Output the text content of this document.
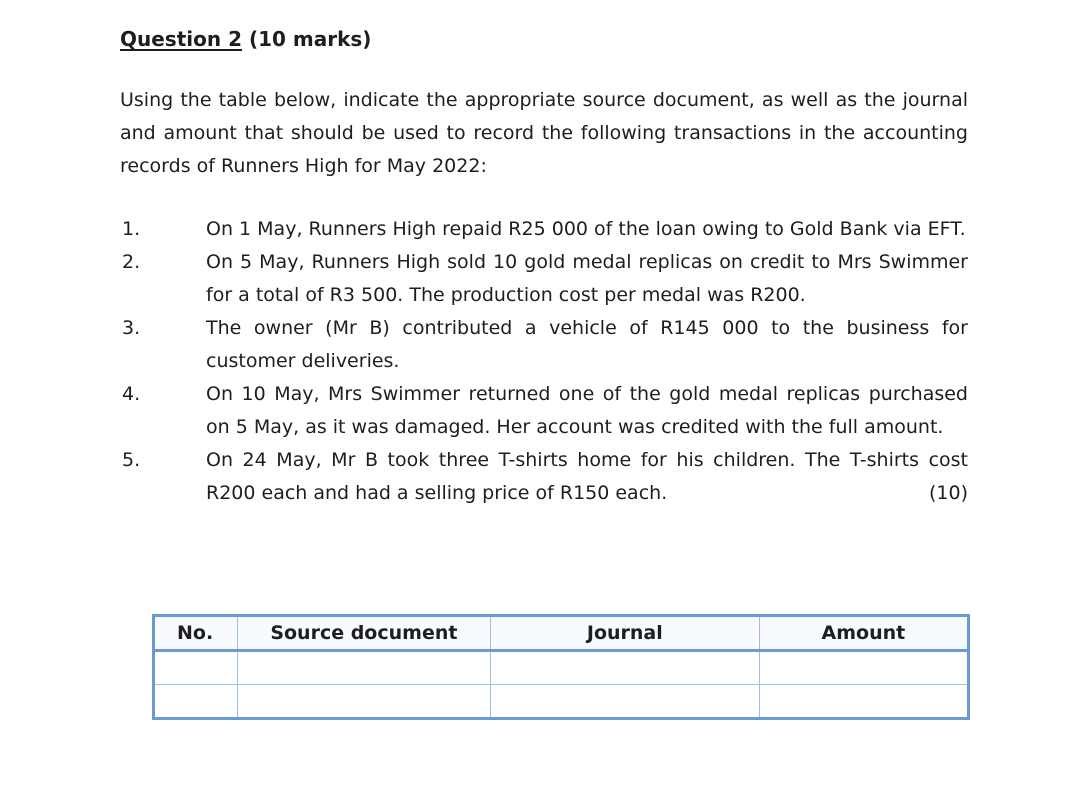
Question 2 (10 marks)
Using the table below, indicate the appropriate source document, as well as the journal and amount that should be used to record the following transactions in the accounting records of Runners High for May 2022:
1.	On 1 May, Runners High repaid R25 000 of the loan owing to Gold Bank via EFT.
2.	On 5 May, Runners High sold 10 gold medal replicas on credit to Mrs Swimmer for a total of R3 500. The production cost per medal was R200.
3.	The owner (Mr B) contributed a vehicle of R145 000 to the business for customer deliveries.
4.	On 10 May, Mrs Swimmer returned one of the gold medal replicas purchased on 5 May, as it was damaged. Her account was credited with the full amount.
5.	On 24 May, Mr B took three T-shirts home for his children. The T-shirts cost R200 each and had a selling price of R150 each.	(10)
No.	Source document	Journal	Amount
